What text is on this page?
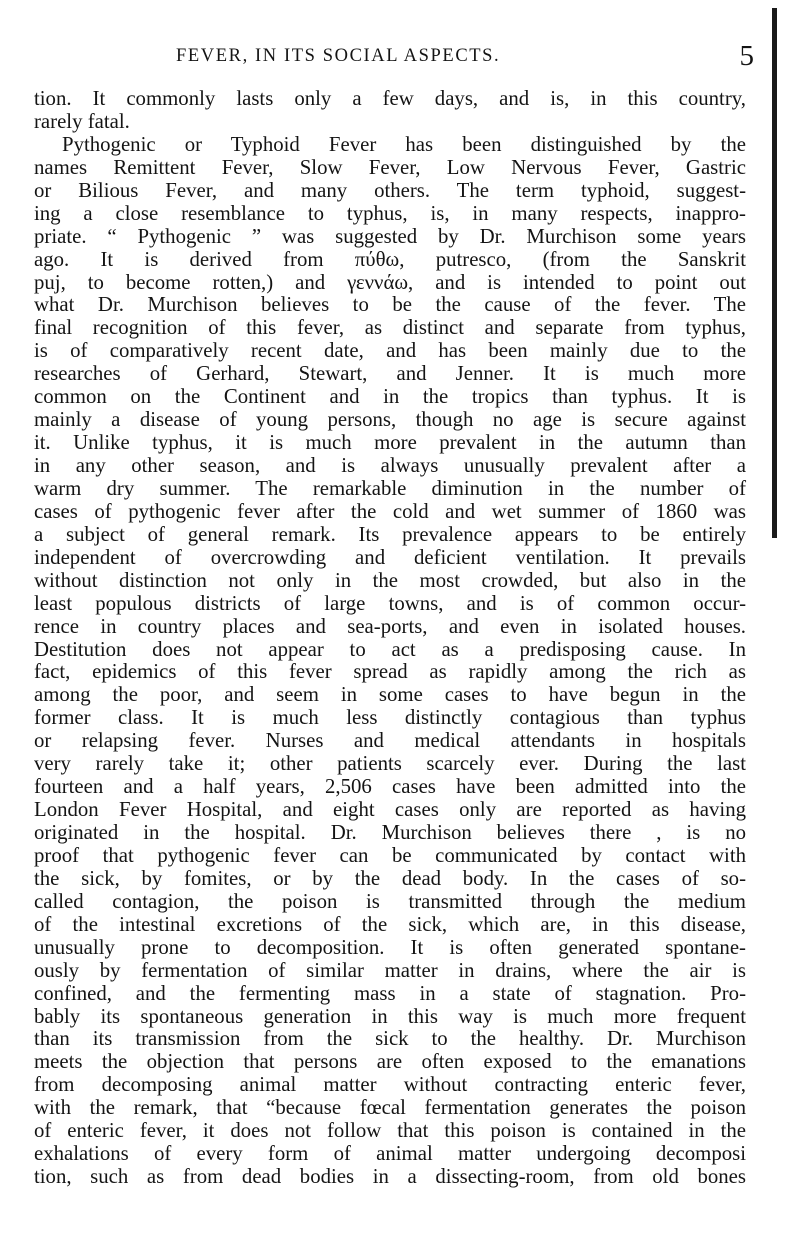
FEVER, IN ITS SOCIAL ASPECTS.	5
tion. It commonly lasts only a few days, and is, in this country,
rarely fatal.
Pythogenic or Typhoid Fever has been distinguished by the
names Remittent Fever, Slow Fever, Low Nervous Fever, Gastric
or Bilious Fever, and many others. The term typhoid, suggest-
ing a close resemblance to typhus, is, in many respects, inappro-
priate. “ Pythogenic ” was suggested by Dr. Murchison some years
ago. It is derived from πύθω, putresco, (from the Sanskrit
puj, to become rotten,) and γεννάω, and is intended to point out
what Dr. Murchison believes to be the cause of the fever. The
final recognition of this fever, as distinct and separate from typhus,
is of comparatively recent date, and has been mainly due to the
researches of Gerhard, Stewart, and Jenner. It is much more
common on the Continent and in the tropics than typhus. It is
mainly a disease of young persons, though no age is secure against
it. Unlike typhus, it is much more prevalent in the autumn than
in any other season, and is always unusually prevalent after a
warm dry summer. The remarkable diminution in the number of
cases of pythogenic fever after the cold and wet summer of 1860 was
a subject of general remark. Its prevalence appears to be entirely
independent of overcrowding and deficient ventilation. It prevails
without distinction not only in the most crowded, but also in the
least populous districts of large towns, and is of common occur-
rence in country places and sea-ports, and even in isolated houses.
Destitution does not appear to act as a predisposing cause. In
fact, epidemics of this fever spread as rapidly among the rich as
among the poor, and seem in some cases to have begun in the
former class. It is much less distinctly contagious than typhus
or relapsing fever. Nurses and medical attendants in hospitals
very rarely take it; other patients scarcely ever. During the last
fourteen and a half years, 2,506 cases have been admitted into the
London Fever Hospital, and eight cases only are reported as having
originated in the hospital. Dr. Murchison believes there , is no
proof that pythogenic fever can be communicated by contact with
the sick, by fomites, or by the dead body. In the cases of so-
called contagion, the poison is transmitted through the medium
of the intestinal excretions of the sick, which are, in this disease,
unusually prone to decomposition. It is often generated spontane-
ously by fermentation of similar matter in drains, where the air is
confined, and the fermenting mass in a state of stagnation. Pro-
bably its spontaneous generation in this way is much more frequent
than its transmission from the sick to the healthy. Dr. Murchison
meets the objection that persons are often exposed to the emanations
from decomposing animal matter without contracting enteric fever,
with the remark, that “because fœcal fermentation generates the poison
of enteric fever, it does not follow that this poison is contained in the
exhalations of every form of animal matter undergoing decomposi
tion, such as from dead bodies in a dissecting-room, from old bones
